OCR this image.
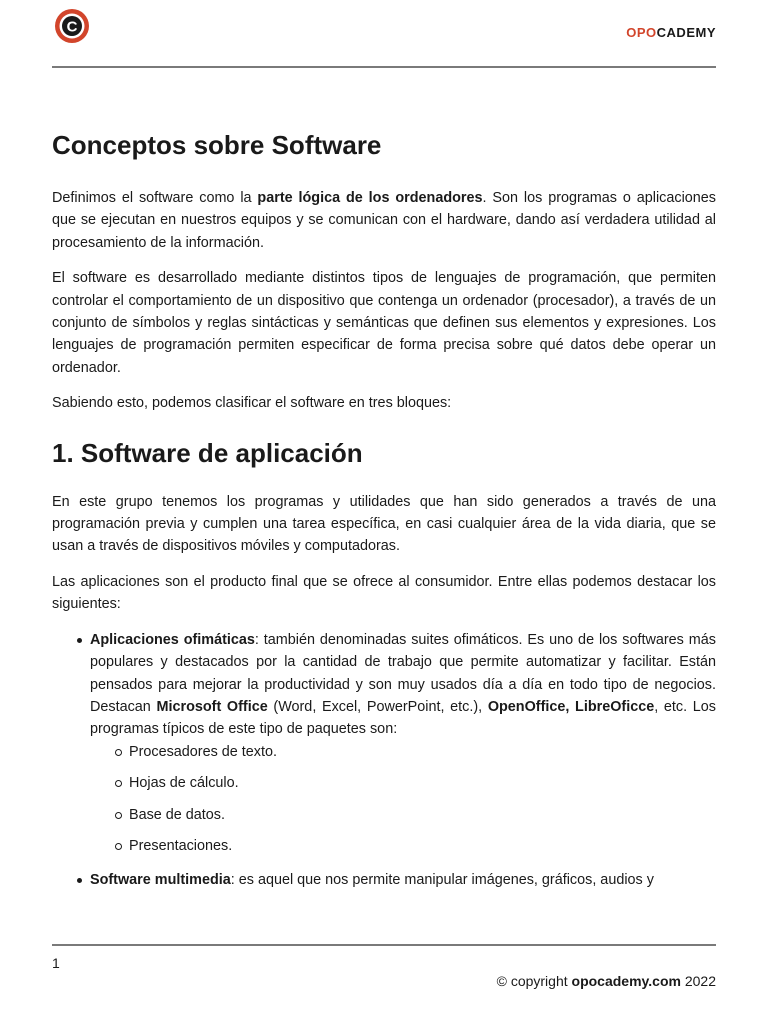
C	OPOCADEMY
Conceptos sobre Software

Definimos el software como la parte lógica de los ordenadores. Son los programas o aplicaciones que se ejecutan en nuestros equipos y se comunican con el hardware, dando así verdadera utilidad al procesamiento de la información.

El software es desarrollado mediante distintos tipos de lenguajes de programación, que permiten controlar el comportamiento de un dispositivo que contenga un ordenador (procesador), a través de un conjunto de símbolos y reglas sintácticas y semánticas que definen sus elementos y expresiones. Los lenguajes de programación permiten especificar de forma precisa sobre qué datos debe operar un ordenador.

Sabiendo esto, podemos clasificar el software en tres bloques:

1. Software de aplicación

En este grupo tenemos los programas y utilidades que han sido generados a través de una programación previa y cumplen una tarea específica, en casi cualquier área de la vida diaria, que se usan a través de dispositivos móviles y computadoras.

Las aplicaciones son el producto final que se ofrece al consumidor. Entre ellas podemos destacar los siguientes:

Aplicaciones ofimáticas: también denominadas suites ofimáticos. Es uno de los softwares más populares y destacados por la cantidad de trabajo que permite automatizar y facilitar. Están pensados para mejorar la productividad y son muy usados día a día en todo tipo de negocios. Destacan Microsoft Office (Word, Excel, PowerPoint, etc.), OpenOffice, LibreOficce, etc. Los programas típicos de este tipo de paquetes son:
Procesadores de texto.
Hojas de cálculo.
Base de datos.
Presentaciones.
Software multimedia: es aquel que nos permite manipular imágenes, gráficos, audios y
1
© copyright opocademy.com 2022
